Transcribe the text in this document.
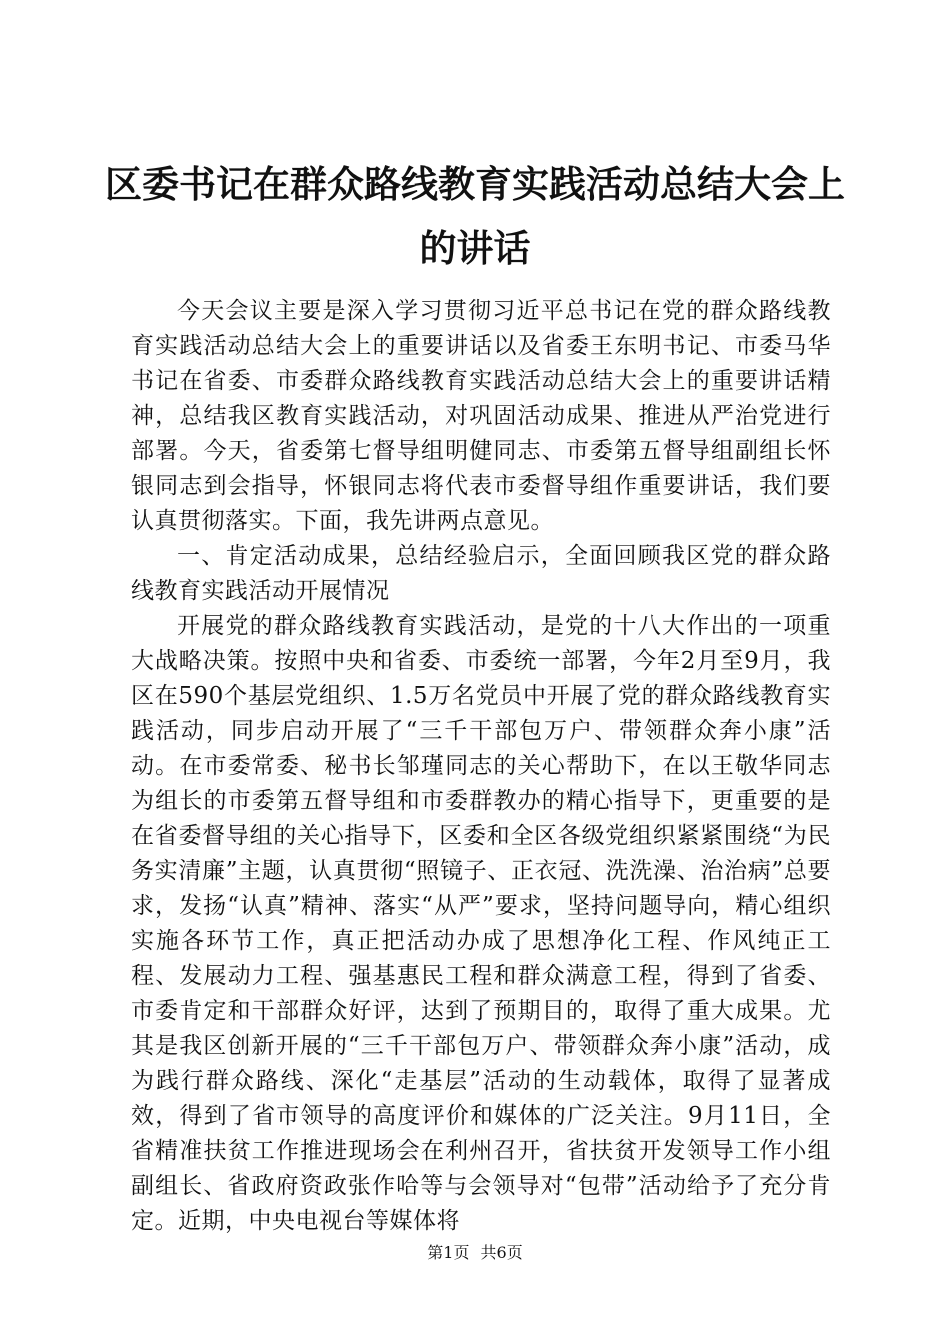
区委书记在群众路线教育实践活动总结大会上的讲话

今天会议主要是深入学习贯彻习近平总书记在党的群众路线教育实践活动总结大会上的重要讲话以及省委王东明书记、市委马华书记在省委、市委群众路线教育实践活动总结大会上的重要讲话精神，总结我区教育实践活动，对巩固活动成果、推进从严治党进行部署。今天，省委第七督导组明健同志、市委第五督导组副组长怀银同志到会指导，怀银同志将代表市委督导组作重要讲话，我们要认真贯彻落实。下面，我先讲两点意见。

一、肯定活动成果，总结经验启示，全面回顾我区党的群众路线教育实践活动开展情况

开展党的群众路线教育实践活动，是党的十八大作出的一项重大战略决策。按照中央和省委、市委统一部署，今年2月至9月，我区在590个基层党组织、1.5万名党员中开展了党的群众路线教育实践活动，同步启动开展了“三千干部包万户、带领群众奔小康”活动。在市委常委、秘书长邹瑾同志的关心帮助下，在以王敬华同志为组长的市委第五督导组和市委群教办的精心指导下，更重要的是在省委督导组的关心指导下，区委和全区各级党组织紧紧围绕“为民务实清廉”主题，认真贯彻“照镜子、正衣冠、洗洗澡、治治病”总要求，发扬“认真”精神、落实“从严”要求，坚持问题导向，精心组织实施各环节工作，真正把活动办成了思想净化工程、作风纯正工程、发展动力工程、强基惠民工程和群众满意工程，得到了省委、市委肯定和干部群众好评，达到了预期目的，取得了重大成果。尤其是我区创新开展的“三千干部包万户、带领群众奔小康”活动，成为践行群众路线、深化“走基层”活动的生动载体，取得了显著成效，得到了省市领导的高度评价和媒体的广泛关注。9月11日，全省精准扶贫工作推进现场会在利州召开，省扶贫开发领导工作小组副组长、省政府资政张作哈等与会领导对“包带”活动给予了充分肯定。近期，中央电视台等媒体将

第1页 共6页
